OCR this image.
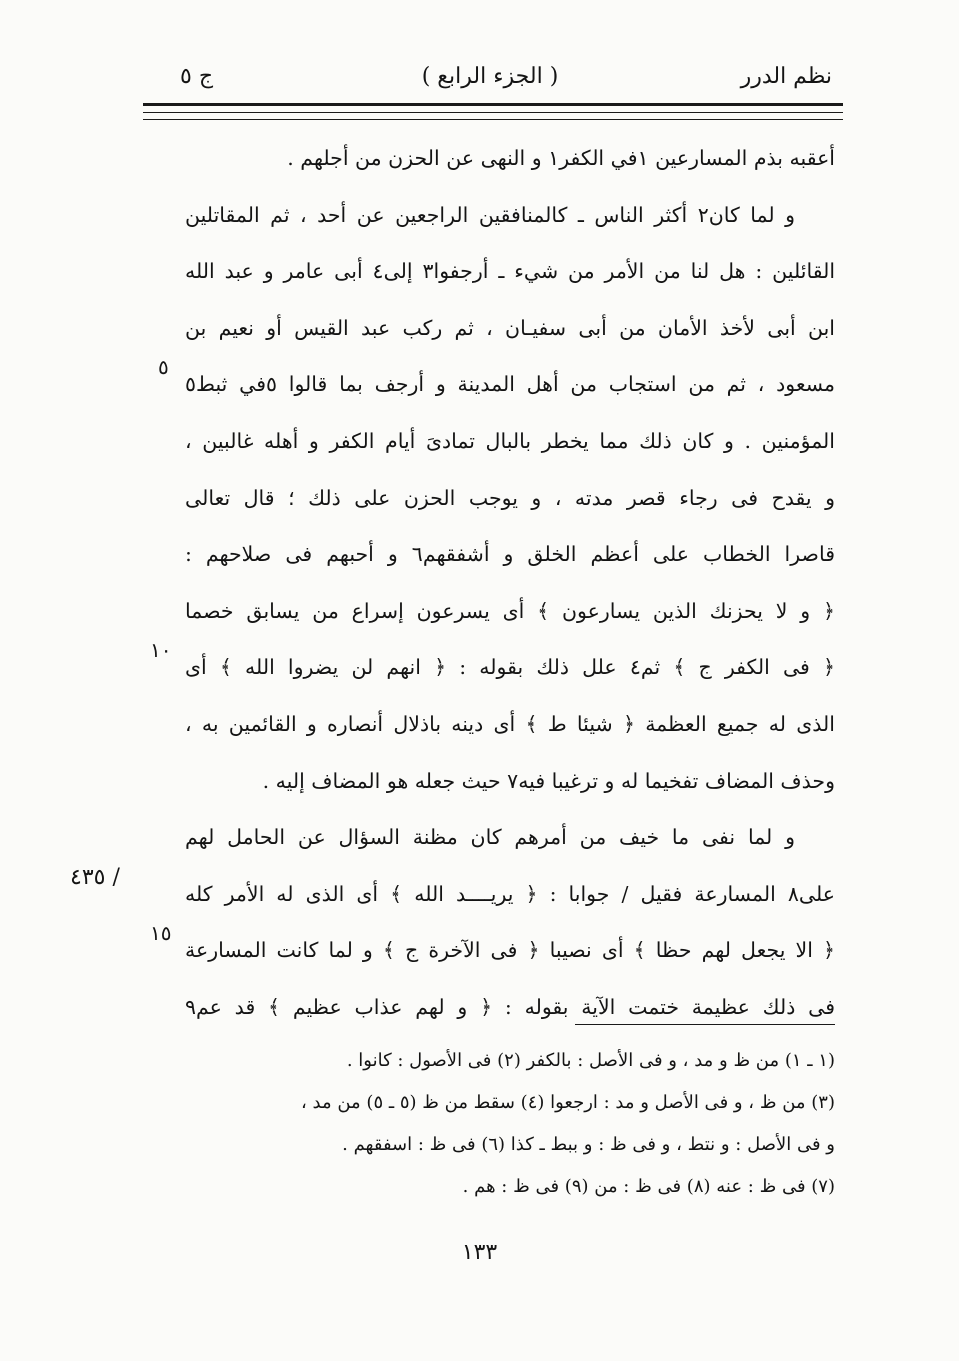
نظم الدرر
( الجزء الرابع )
ج ٥
أعقبه بذم المسارعين ١في الكفر١ و النهى عن الحزن من أجلهم .
و لما كان٢ أكثر الناس ـ كالمنافقين الراجعين عن أحد ، ثم المقاتلين
القائلين : هل لنا من الأمر من شيء ـ أرجفوا٣ إلى٤ أبى عامر و عبد الله
ابن أبى لأخذ الأمان من أبى سفيـان ، ثم ركب عبد القيس أو نعيم بن
مسعود ، ثم من استجاب من أهل المدينة و أرجف بما قالوا ٥في ثبط٥
المؤمنين . و كان ذلك مما يخطر بالبال تمادىَ أيام الكفر و أهله غالبين ،
و يقدح فى رجاء قصر مدته ، و يوجب الحزن على ذلك ؛ قال تعالى
قاصرا الخطاب على أعظم الخلق و أشفقهم٦ و أحبهم فى صلاحهم :
﴿ و لا يحزنك الذين يسارعون ﴾ أى يسرعون إسراع من يسابق خصما
﴿ فى الكفر ج ﴾ ثم٤ علل ذلك بقوله : ﴿ انهم لن يضروا الله ﴾ أى
الذى له جميع العظمة ﴿ شيئا ط ﴾ أى دينه باذلال أنصاره و القائمين به ،
وحذف المضاف تفخيما له و ترغيبا فيه٧ حيث جعله هو المضاف إليه .
و لما نفى ما خيف من أمرهم كان مظنة السؤال عن الحامل لهم
على٨ المسارعة فقيل / جوابا : ﴿ يريــــد الله ﴾ أى الذى له الأمر كله
﴿ الا يجعل لهم حظا ﴾ أى نصيبا ﴿ فى الآخرة ج ﴾ و لما كانت المسارعة
فى ذلك عظيمة ختمت الآية بقوله : ﴿ و لهم عذاب عظيم ﴾ قد عم٩
٥
١٠
١٥
/ ٤٣٥
(١ ـ ١) من ظ و مد ، و فى الأصل : بالكفر (٢) فى الأصول : كانوا .
(٣) من ظ ، و فى الأصل و مد : ارجعوا (٤) سقط من ظ (٥ ـ ٥) من مد ،
و فى الأصل : و نتط ، و فى ظ : و ببط ـ كذا (٦) فى ظ : اسفقهم .
(٧) فى ظ : عنه (٨) فى ظ : من (٩) فى ظ : هم .
١٣٣
